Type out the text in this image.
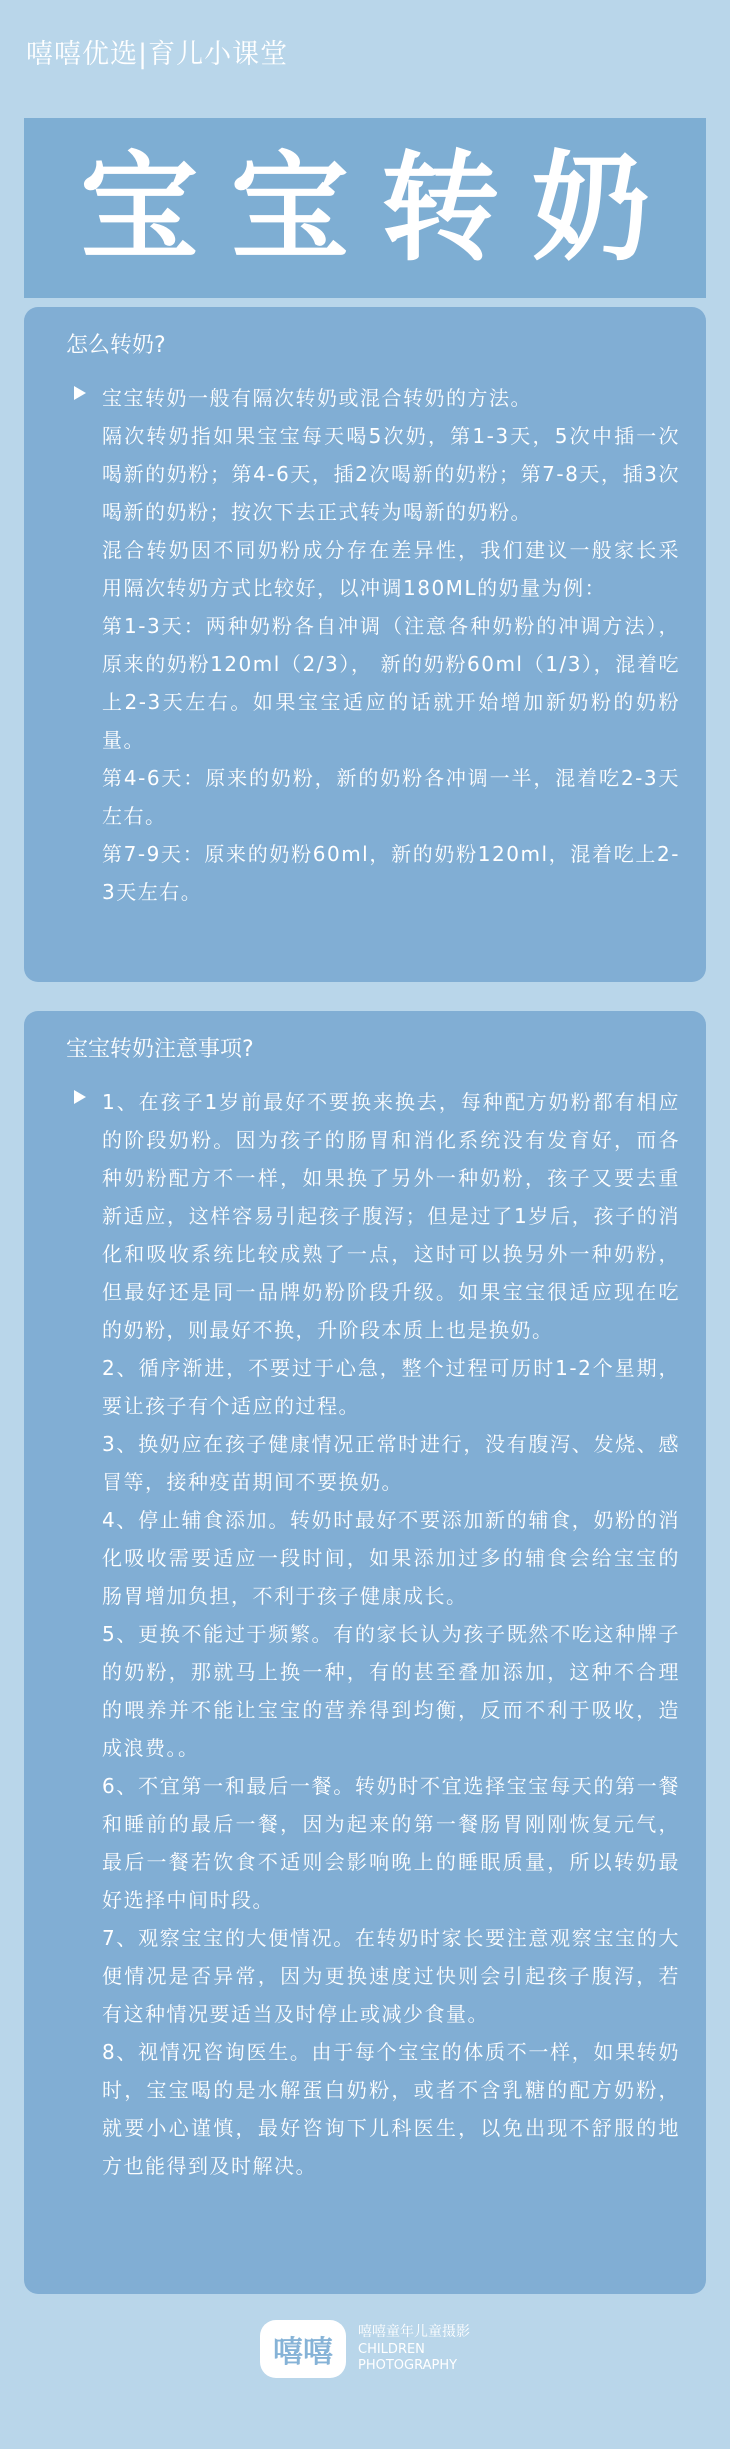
嘻嘻优选|育儿小课堂
宝 宝 转 奶
怎么转奶?

宝宝转奶一般有隔次转奶或混合转奶的方法。

隔次转奶指如果宝宝每天喝5次奶，第1-3天，5次中插一次喝新的奶粉；第4-6天，插2次喝新的奶粉；第7-8天，插3次喝新的奶粉；按次下去正式转为喝新的奶粉。

混合转奶因不同奶粉成分存在差异性，我们建议一般家长采用隔次转奶方式比较好，以冲调180ML的奶量为例：

第1-3天：两种奶粉各自冲调（注意各种奶粉的冲调方法），原来的奶粉120ml（2/3）， 新的奶粉60ml（1/3），混着吃上2-3天左右。如果宝宝适应的话就开始增加新奶粉的奶粉量。

第4-6天：原来的奶粉，新的奶粉各冲调一半，混着吃2-3天左右。

第7-9天：原来的奶粉60ml，新的奶粉120ml，混着吃上2-3天左右。

宝宝转奶注意事项?

1、在孩子1岁前最好不要换来换去，每种配方奶粉都有相应的阶段奶粉。因为孩子的肠胃和消化系统没有发育好，而各种奶粉配方不一样，如果换了另外一种奶粉，孩子又要去重新适应，这样容易引起孩子腹泻；但是过了1岁后，孩子的消化和吸收系统比较成熟了一点，这时可以换另外一种奶粉，但最好还是同一品牌奶粉阶段升级。如果宝宝很适应现在吃的奶粉，则最好不换，升阶段本质上也是换奶。

2、循序渐进，不要过于心急，整个过程可历时1-2个星期，要让孩子有个适应的过程。

3、换奶应在孩子健康情况正常时进行，没有腹泻、发烧、感冒等，接种疫苗期间不要换奶。

4、停止辅食添加。转奶时最好不要添加新的辅食，奶粉的消化吸收需要适应一段时间，如果添加过多的辅食会给宝宝的肠胃增加负担，不利于孩子健康成长。

5、更换不能过于频繁。有的家长认为孩子既然不吃这种牌子的奶粉，那就马上换一种，有的甚至叠加添加，这种不合理的喂养并不能让宝宝的营养得到均衡，反而不利于吸收，造成浪费。。

6、不宜第一和最后一餐。转奶时不宜选择宝宝每天的第一餐和睡前的最后一餐，因为起来的第一餐肠胃刚刚恢复元气，最后一餐若饮食不适则会影响晚上的睡眠质量，所以转奶最好选择中间时段。

7、观察宝宝的大便情况。在转奶时家长要注意观察宝宝的大便情况是否异常，因为更换速度过快则会引起孩子腹泻，若有这种情况要适当及时停止或减少食量。

8、视情况咨询医生。由于每个宝宝的体质不一样，如果转奶时，宝宝喝的是水解蛋白奶粉，或者不含乳糖的配方奶粉，就要小心谨慎，最好咨询下儿科医生，以免出现不舒服的地方也能得到及时解决。

嘻嘻
嘻嘻童年儿童摄影
CHILDREN
PHOTOGRAPHY
